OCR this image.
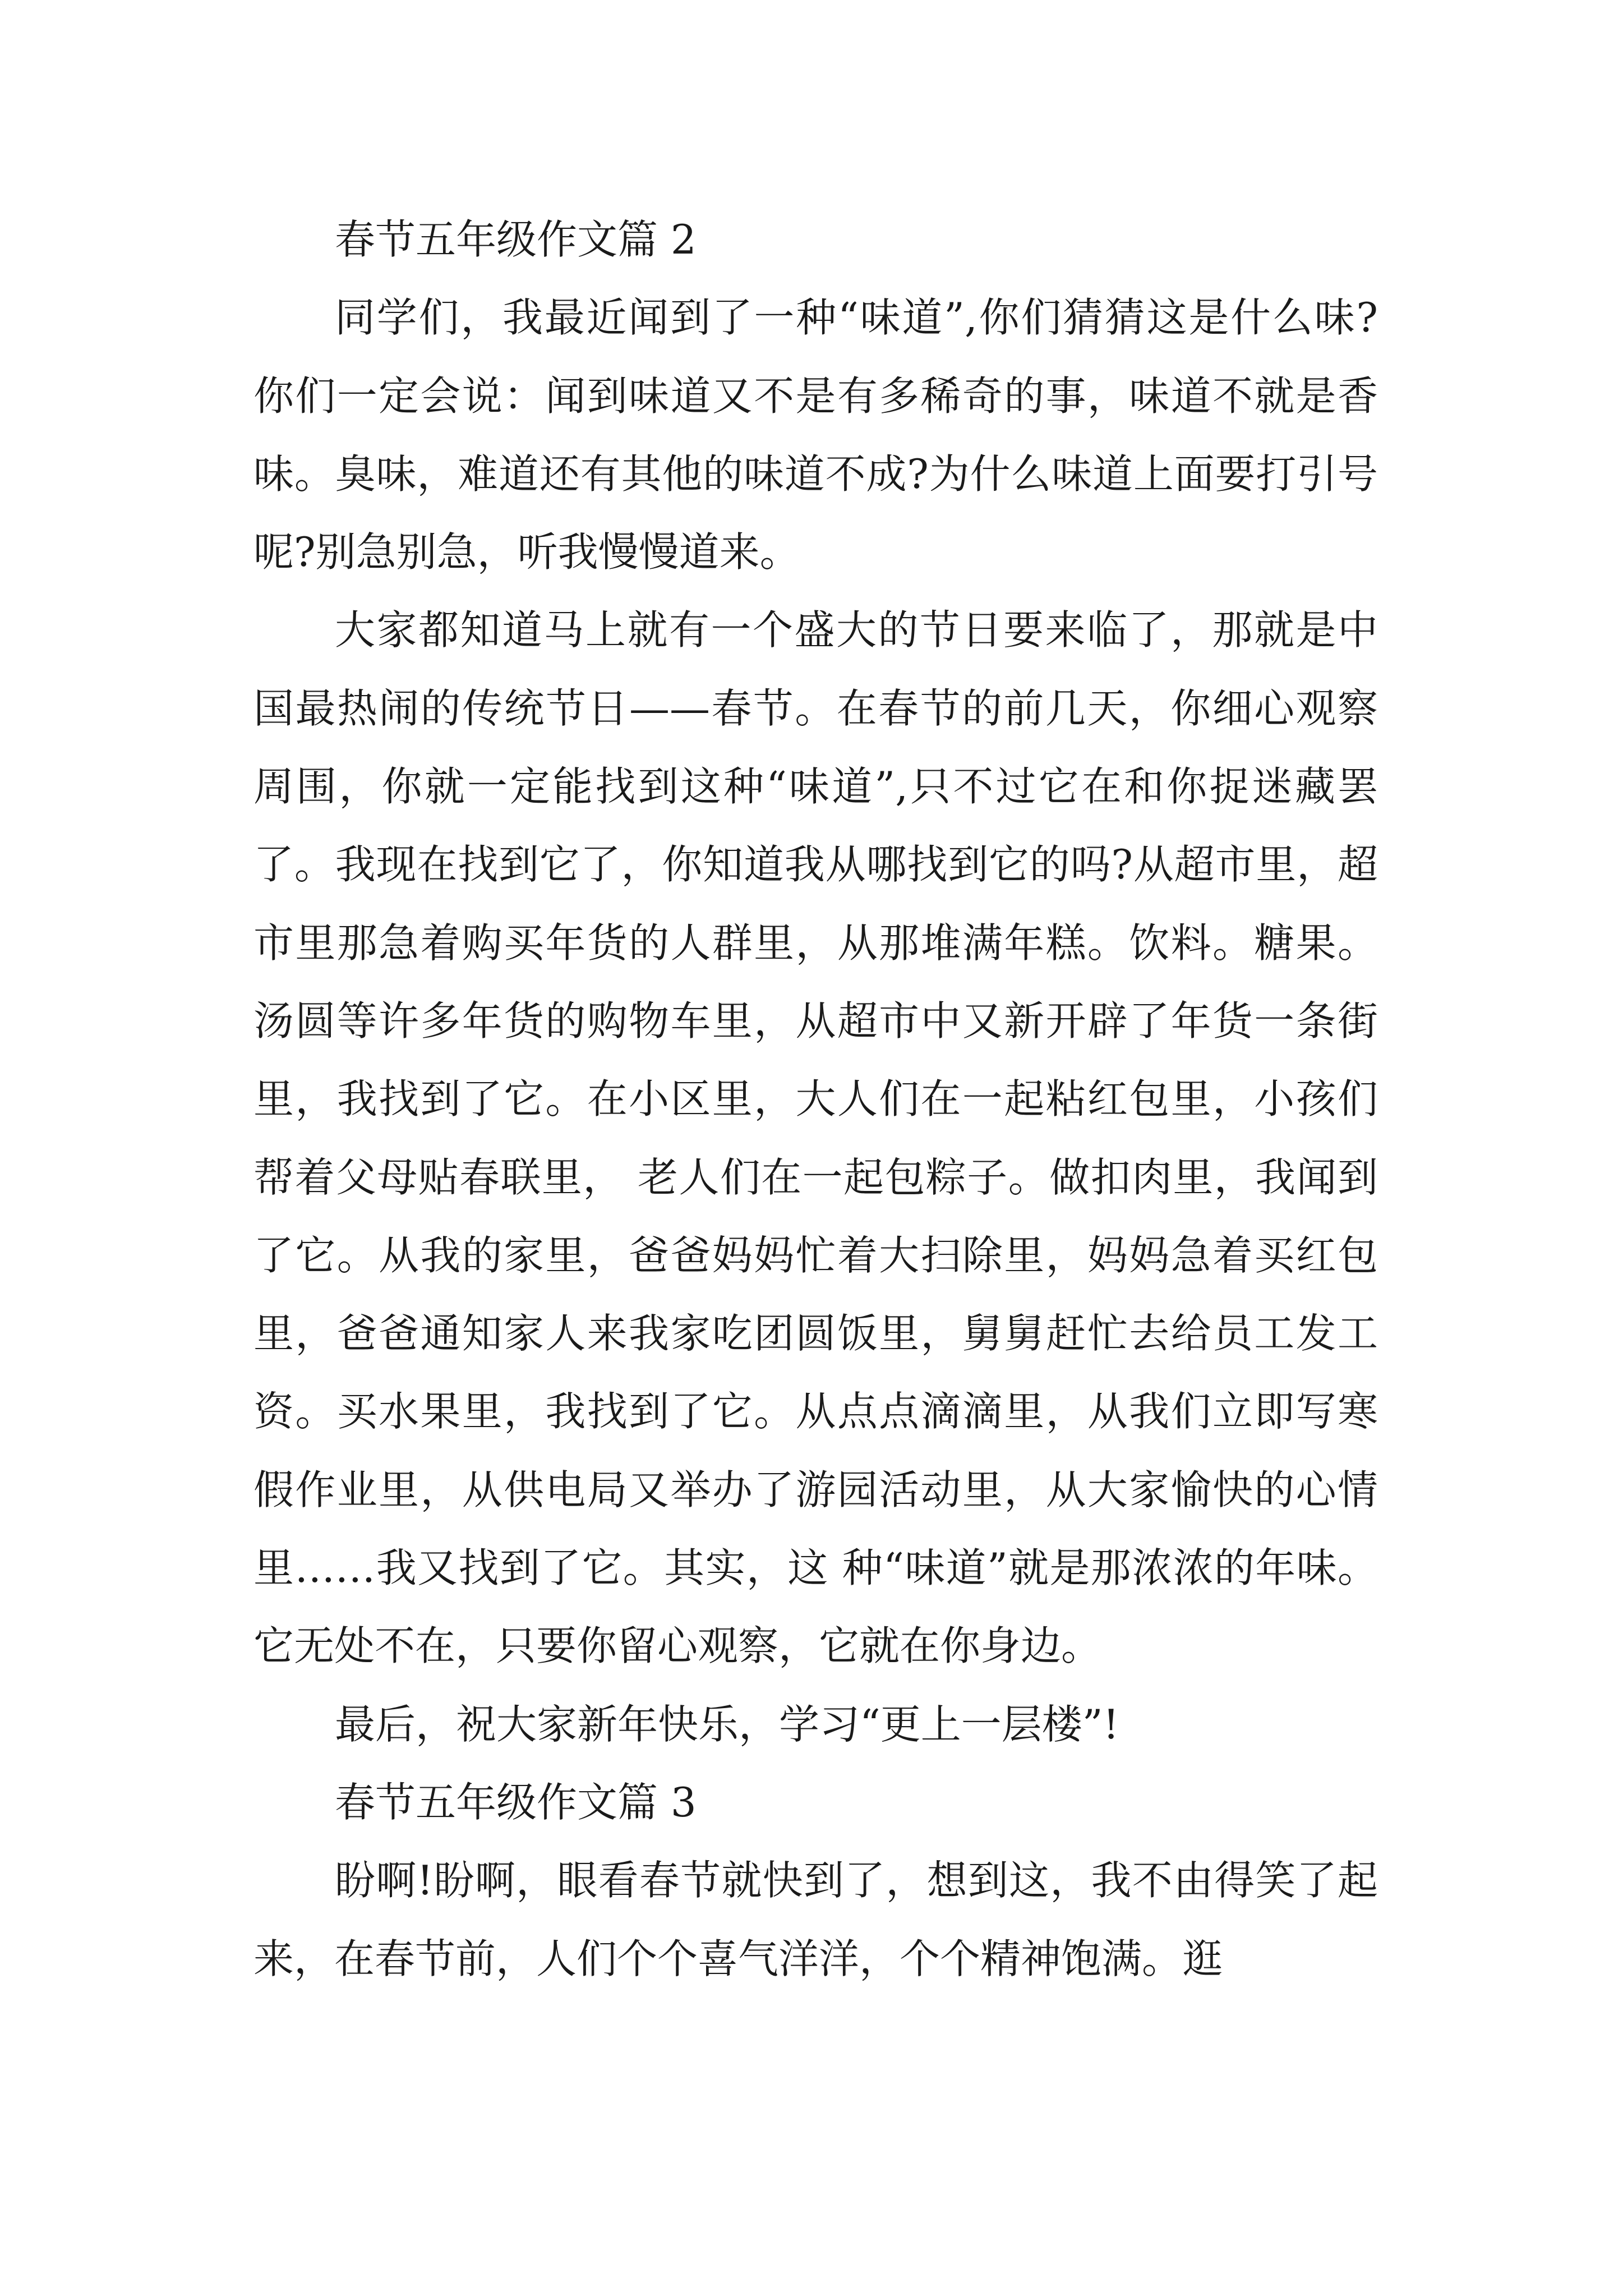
春节五年级作文篇 2

同学们，我最近闻到了一种“味道”,你们猜猜这是什么味?你们一定会说：闻到味道又不是有多稀奇的事，味道不就是香味。臭味，难道还有其他的味道不成?为什么味道上面要打引号呢?别急别急，听我慢慢道来。

大家都知道马上就有一个盛大的节日要来临了，那就是中国最热闹的传统节日——春节。在春节的前几天，你细心观察周围，你就一定能找到这种“味道”,只不过它在和你捉迷藏罢了。我现在找到它了，你知道我从哪找到它的吗?从超市里，超市里那急着购买年货的人群里，从那堆满年糕。饮料。糖果。汤圆等许多年货的购物车里，从超市中又新开辟了年货一条街里，我找到了它。在小区里，大人们在一起粘红包里，小孩们帮着父母贴春联里， 老人们在一起包粽子。做扣肉里，我闻到了它。从我的家里，爸爸妈妈忙着大扫除里，妈妈急着买红包里，爸爸通知家人来我家吃团圆饭里，舅舅赶忙去给员工发工资。买水果里，我找到了它。从点点滴滴里，从我们立即写寒假作业里，从供电局又举办了游园活动里，从大家愉快的心情里……我又找到了它。其实，这 种“味道”就是那浓浓的年味。它无处不在，只要你留心观察，它就在你身边。

最后，祝大家新年快乐，学习“更上一层楼”!

春节五年级作文篇 3

盼啊!盼啊，眼看春节就快到了，想到这，我不由得笑了起来，在春节前，人们个个喜气洋洋，个个精神饱满。逛
